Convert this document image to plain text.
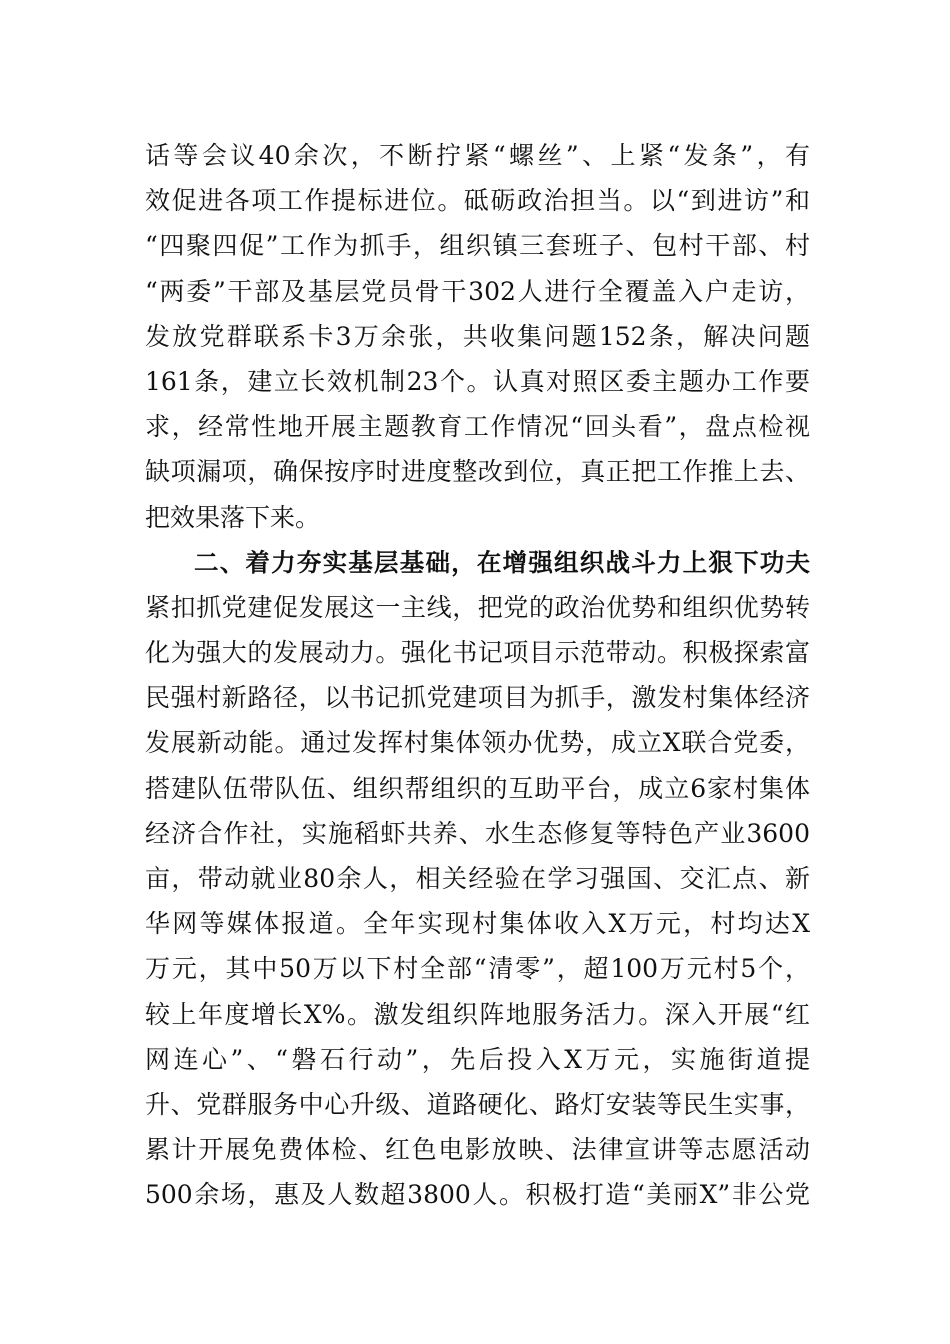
话等会议40余次，不断拧紧“螺丝”、上紧“发条”，有
效促进各项工作提标进位。砥砺政治担当。以“到进访”和
“四聚四促”工作为抓手，组织镇三套班子、包村干部、村
“两委”干部及基层党员骨干302人进行全覆盖入户走访，
发放党群联系卡3万余张，共收集问题152条，解决问题
161条，建立长效机制23个。认真对照区委主题办工作要
求，经常性地开展主题教育工作情况“回头看”，盘点检视
缺项漏项，确保按序时进度整改到位，真正把工作推上去、
把效果落下来。
二、着力夯实基层基础，在增强组织战斗力上狠下功夫
紧扣抓党建促发展这一主线，把党的政治优势和组织优势转
化为强大的发展动力。强化书记项目示范带动。积极探索富
民强村新路径，以书记抓党建项目为抓手，激发村集体经济
发展新动能。通过发挥村集体领办优势，成立X联合党委，
搭建队伍带队伍、组织帮组织的互助平台，成立6家村集体
经济合作社，实施稻虾共养、水生态修复等特色产业3600
亩，带动就业80余人，相关经验在学习强国、交汇点、新
华网等媒体报道。全年实现村集体收入X万元，村均达X
万元，其中50万以下村全部“清零”，超100万元村5个，
较上年度增长X%。激发组织阵地服务活力。深入开展“红
网连心”、“磐石行动”，先后投入X万元，实施街道提
升、党群服务中心升级、道路硬化、路灯安装等民生实事，
累计开展免费体检、红色电影放映、法律宣讲等志愿活动
500余场，惠及人数超3800人。积极打造“美丽X”非公党
